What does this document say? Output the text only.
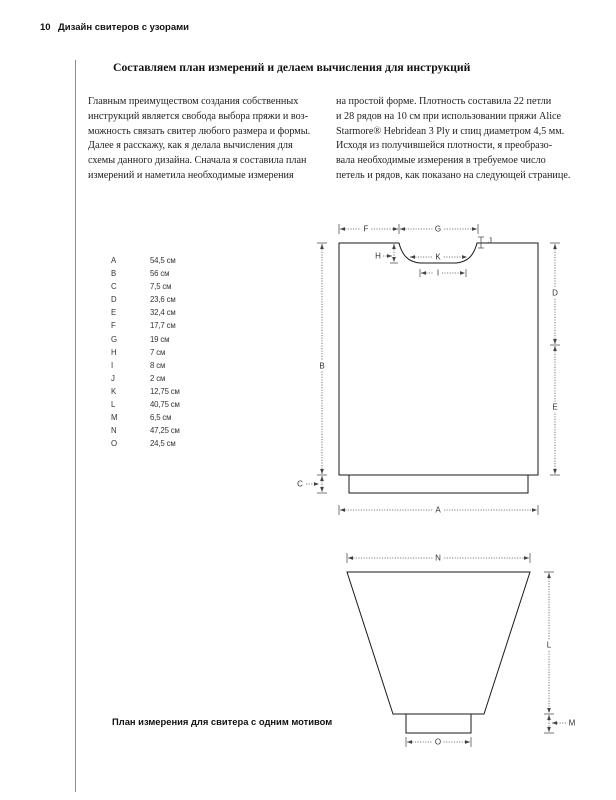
10 Дизайн свитеров с узорами
Составляем план измерений и делаем вычисления для инструкций
Главным преимуществом создания собственных
инструкций является свобода выбора пряжи и воз-
можность связать свитер любого размера и формы.
Далее я расскажу, как я делала вычисления для
схемы данного дизайна. Сначала я составила план
измерений и наметила необходимые измерения
на простой форме. Плотность составила 22 петли
и 28 рядов на 10 см при использовании пряжи Alice
Starmore® Hebridean 3 Ply и спиц диаметром 4,5 мм.
Исходя из получившейся плотности, я преобразо-
вала необходимые измерения в требуемое число
петель и рядов, как показано на следующей странице.
A	54,5 см
B	56 см
C	7,5 см
D	23,6 см
E	32,4 см
F	17,7 см
G	19 см
H	7 см
I	8 см
J	2 см
K	12,75 см
L	40,75 см
M	6,5 см
N	47,25 см
O	24,5 см
План измерения для свитера с одним мотивом
F	G
J
H	K
I
B
C
D
E
A
N
L
M
O
